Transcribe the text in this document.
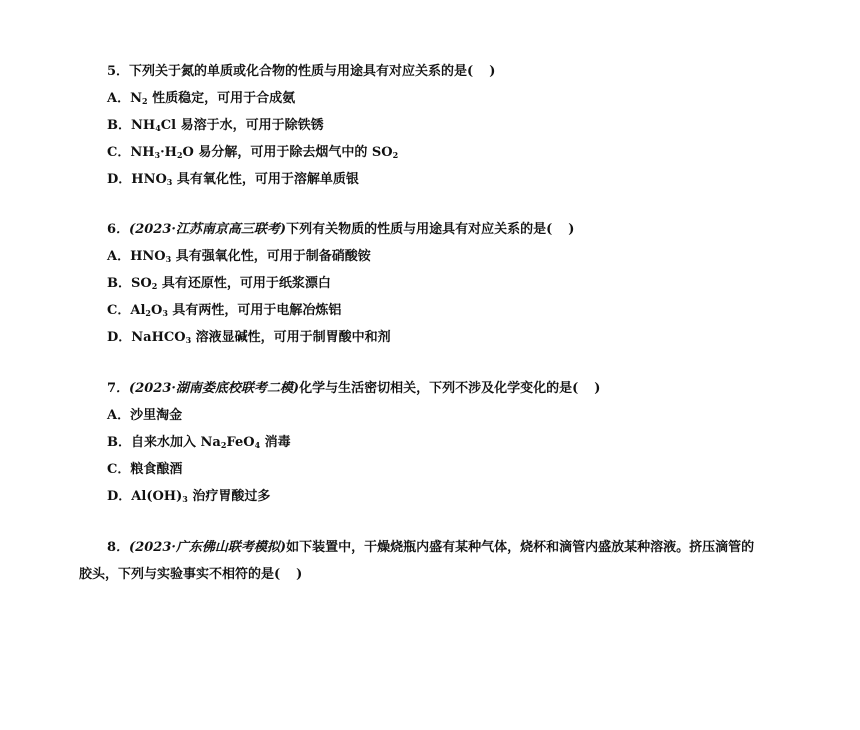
5．下列关于氮的单质或化合物的性质与用途具有对应关系的是( )
A．$N_2$ 性质稳定，可用于合成氨
B．$NH_4Cl$ 易溶于水，可用于除铁锈
C．$NH_3\cdot H_2O$ 易分解，可用于除去烟气中的 $SO_2$
D．$HNO_3$ 具有氧化性，可用于溶解单质银
6．(2023·江苏南京高三联考)下列有关物质的性质与用途具有对应关系的是( )
A．$HNO_3$ 具有强氧化性，可用于制备硝酸铵
B．$SO_2$ 具有还原性，可用于纸浆漂白
C．$Al_2O_3$ 具有两性，可用于电解冶炼铝
D．NaHCO$_3$ 溶液显碱性，可用于制胃酸中和剂
7．(2023·湖南娄底校联考二模)化学与生活密切相关，下列不涉及化学变化的是( )
A．沙里淘金
B．自来水加入 $Na_2FeO_4$ 消毒
C．粮食酿酒
D．$Al(OH)_3$ 治疗胃酸过多
8．(2023·广东佛山联考模拟)如下装置中，干燥烧瓶内盛有某种气体，烧杯和滴管内盛放某种溶液。挤压滴管的
胶头，下列与实验事实不相符的是( )
